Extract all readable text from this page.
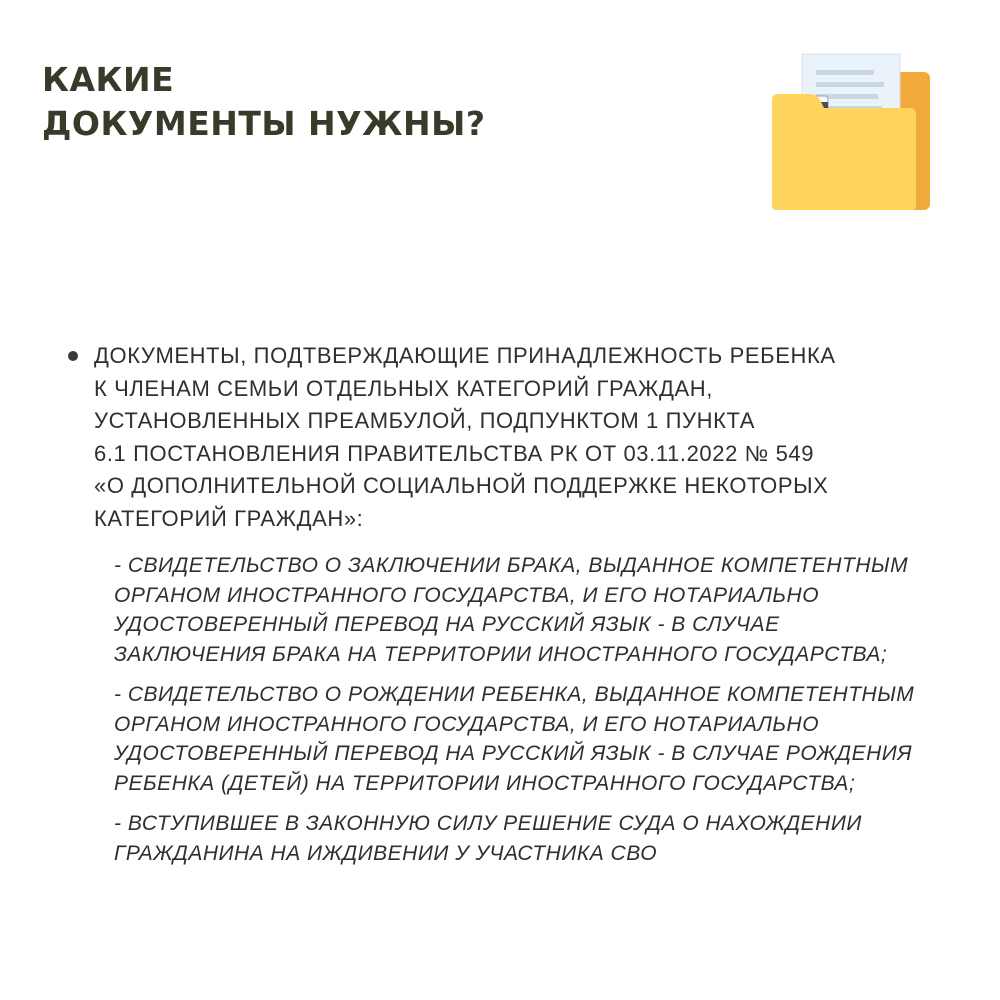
КАКИЕ
ДОКУМЕНТЫ НУЖНЫ?
ДОКУМЕНТЫ, ПОДТВЕРЖДАЮЩИЕ ПРИНАДЛЕЖНОСТЬ РЕБЕНКА
К ЧЛЕНАМ СЕМЬИ ОТДЕЛЬНЫХ КАТЕГОРИЙ ГРАЖДАН,
УСТАНОВЛЕННЫХ ПРЕАМБУЛОЙ, ПОДПУНКТОМ 1 ПУНКТА
6.1 ПОСТАНОВЛЕНИЯ ПРАВИТЕЛЬСТВА РК ОТ 03.11.2022 № 549
«О ДОПОЛНИТЕЛЬНОЙ СОЦИАЛЬНОЙ ПОДДЕРЖКЕ НЕКОТОРЫХ
КАТЕГОРИЙ ГРАЖДАН»:
- СВИДЕТЕЛЬСТВО О ЗАКЛЮЧЕНИИ БРАКА, ВЫДАННОЕ КОМПЕТЕНТНЫМ
ОРГАНОМ ИНОСТРАННОГО ГОСУДАРСТВА, И ЕГО НОТАРИАЛЬНО
УДОСТОВЕРЕННЫЙ ПЕРЕВОД НА РУССКИЙ ЯЗЫК - В СЛУЧАЕ
ЗАКЛЮЧЕНИЯ БРАКА НА ТЕРРИТОРИИ ИНОСТРАННОГО ГОСУДАРСТВА;
- СВИДЕТЕЛЬСТВО О РОЖДЕНИИ РЕБЕНКА, ВЫДАННОЕ КОМПЕТЕНТНЫМ
ОРГАНОМ ИНОСТРАННОГО ГОСУДАРСТВА, И ЕГО НОТАРИАЛЬНО
УДОСТОВЕРЕННЫЙ ПЕРЕВОД НА РУССКИЙ ЯЗЫК - В СЛУЧАЕ РОЖДЕНИЯ
РЕБЕНКА (ДЕТЕЙ) НА ТЕРРИТОРИИ ИНОСТРАННОГО ГОСУДАРСТВА;
- ВСТУПИВШЕЕ В ЗАКОННУЮ СИЛУ РЕШЕНИЕ СУДА О НАХОЖДЕНИИ
ГРАЖДАНИНА НА ИЖДИВЕНИИ У УЧАСТНИКА СВО
